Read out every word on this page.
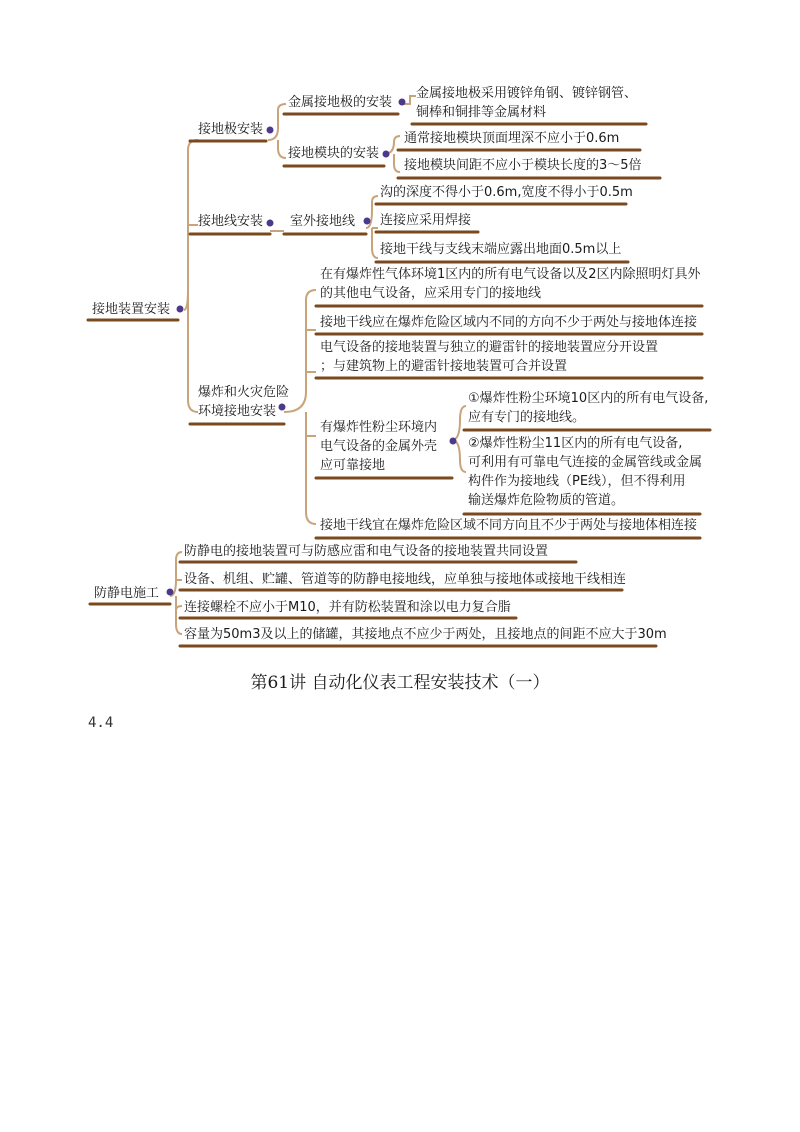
接地装置安装
接地极安装
金属接地极的安装
金属接地极采用镀锌角钢、镀锌钢管、
铜棒和铜排等金属材料
接地模块的安装
通常接地模块顶面埋深不应小于0.6m
接地模块间距不应小于模块长度的3～5倍
接地线安装 室外接地线
沟的深度不得小于0.6m,宽度不得小于0.5m
连接应采用焊接
接地干线与支线末端应露出地面0.5m以上
爆炸和火灾危险
环境接地安装
在有爆炸性气体环境1区内的所有电气设备以及2区内除照明灯具外
的其他电气设备，应采用专门的接地线
接地干线应在爆炸危险区域内不同的方向不少于两处与接地体连接
电气设备的接地装置与独立的避雷针的接地装置应分开设置
；与建筑物上的避雷针接地装置可合并设置
有爆炸性粉尘环境内
电气设备的金属外壳
应可靠接地
①爆炸性粉尘环境10区内的所有电气设备,
应有专门的接地线。
②爆炸性粉尘11区内的所有电气设备,
可利用有可靠电气连接的金属管线或金属
构件作为接地线（PE线），但不得利用
输送爆炸危险物质的管道。
接地干线宜在爆炸危险区域不同方向且不少于两处与接地体相连接
防静电施工
防静电的接地装置可与防感应雷和电气设备的接地装置共同设置
设备、机组、贮罐、管道等的防静电接地线，应单独与接地体或接地干线相连
连接螺栓不应小于M10，并有防松装置和涂以电力复合脂
容量为50m3及以上的储罐，其接地点不应少于两处，且接地点的间距不应大于30m
第61讲 自动化仪表工程安装技术（一）
4.4
